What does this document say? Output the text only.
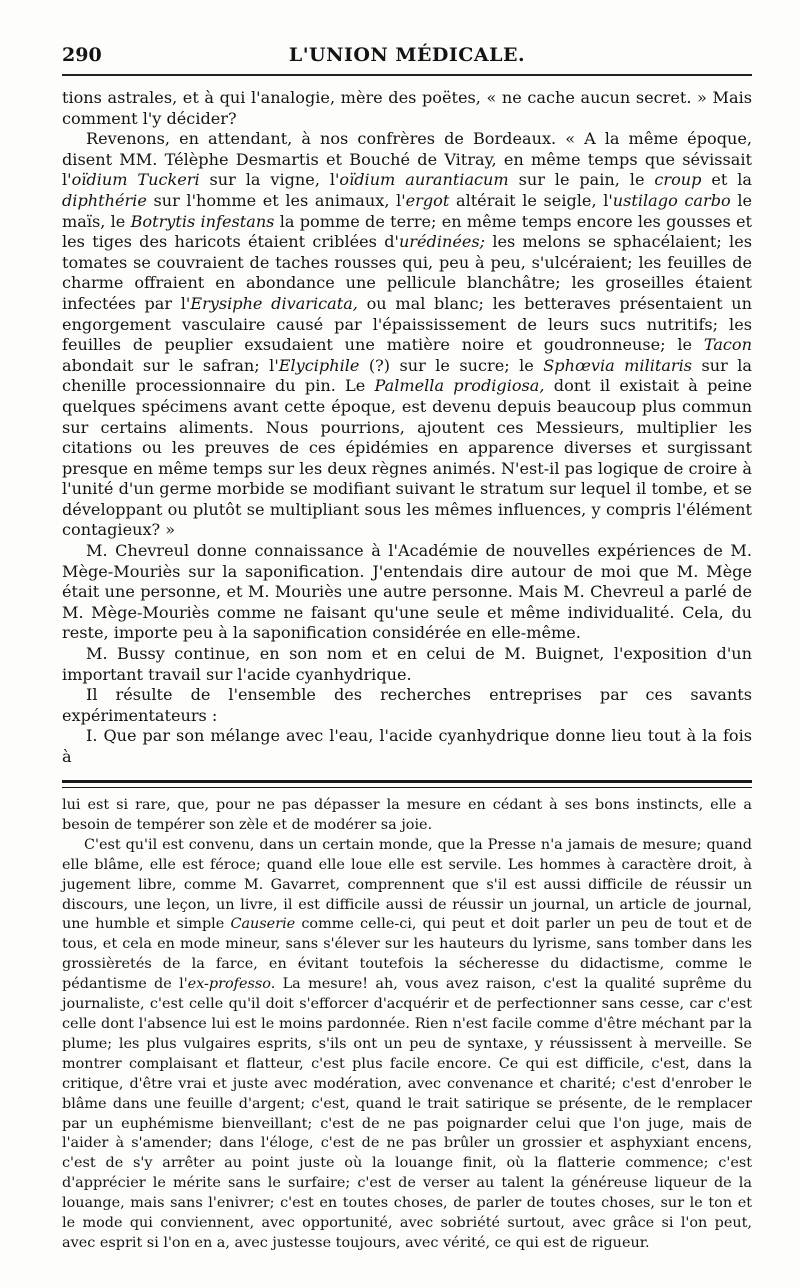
290	L'UNION MÉDICALE.

tions astrales, et à qui l'analogie, mère des poëtes, « ne cache aucun secret. » Mais comment l'y décider?

Revenons, en attendant, à nos confrères de Bordeaux. « A la même époque, disent MM. Télèphe Desmartis et Bouché de Vitray, en même temps que sévissait l'oïdium Tuckeri sur la vigne, l'oïdium aurantiacum sur le pain, le croup et la diphthérie sur l'homme et les animaux, l'ergot altérait le seigle, l'ustilago carbo le maïs, le Botrytis infestans la pomme de terre; en même temps encore les gousses et les tiges des haricots étaient criblées d'urédinées; les melons se sphacélaient; les tomates se couvraient de taches rousses qui, peu à peu, s'ulcéraient; les feuilles de charme offraient en abondance une pellicule blanchâtre; les groseilles étaient infectées par l'Erysiphe divaricata, ou mal blanc; les betteraves présentaient un engorgement vasculaire causé par l'épaississement de leurs sucs nutritifs; les feuilles de peuplier exsudaient une matière noire et goudronneuse; le Tacon abondait sur le safran; l'Elyciphile (?) sur le sucre; le Sphœvia militaris sur la chenille processionnaire du pin. Le Palmella prodigiosa, dont il existait à peine quelques spécimens avant cette époque, est devenu depuis beaucoup plus commun sur certains aliments. Nous pourrions, ajoutent ces Messieurs, multiplier les citations ou les preuves de ces épidémies en apparence diverses et surgissant presque en même temps sur les deux règnes animés. N'est-il pas logique de croire à l'unité d'un germe morbide se modifiant suivant le stratum sur lequel il tombe, et se développant ou plutôt se multipliant sous les mêmes influences, y compris l'élément contagieux? »

M. Chevreul donne connaissance à l'Académie de nouvelles expériences de M. Mège-Mouriès sur la saponification. J'entendais dire autour de moi que M. Mège était une personne, et M. Mouriès une autre personne. Mais M. Chevreul a parlé de M. Mège-Mouriès comme ne faisant qu'une seule et même individualité. Cela, du reste, importe peu à la saponification considérée en elle-même.

M. Bussy continue, en son nom et en celui de M. Buignet, l'exposition d'un important travail sur l'acide cyanhydrique.

Il résulte de l'ensemble des recherches entreprises par ces savants expérimentateurs :

I. Que par son mélange avec l'eau, l'acide cyanhydrique donne lieu tout à la fois à

lui est si rare, que, pour ne pas dépasser la mesure en cédant à ses bons instincts, elle a besoin de tempérer son zèle et de modérer sa joie.

C'est qu'il est convenu, dans un certain monde, que la Presse n'a jamais de mesure; quand elle blâme, elle est féroce; quand elle loue elle est servile. Les hommes à caractère droit, à jugement libre, comme M. Gavarret, comprennent que s'il est aussi difficile de réussir un discours, une leçon, un livre, il est difficile aussi de réussir un journal, un article de journal, une humble et simple Causerie comme celle-ci, qui peut et doit parler un peu de tout et de tous, et cela en mode mineur, sans s'élever sur les hauteurs du lyrisme, sans tomber dans les grossièretés de la farce, en évitant toutefois la sécheresse du didactisme, comme le pédantisme de l'ex-professo. La mesure! ah, vous avez raison, c'est la qualité suprême du journaliste, c'est celle qu'il doit s'efforcer d'acquérir et de perfectionner sans cesse, car c'est celle dont l'absence lui est le moins pardonnée. Rien n'est facile comme d'être méchant par la plume; les plus vulgaires esprits, s'ils ont un peu de syntaxe, y réussissent à merveille. Se montrer complaisant et flatteur, c'est plus facile encore. Ce qui est difficile, c'est, dans la critique, d'être vrai et juste avec modération, avec convenance et charité; c'est d'enrober le blâme dans une feuille d'argent; c'est, quand le trait satirique se présente, de le remplacer par un euphémisme bienveillant; c'est de ne pas poignarder celui que l'on juge, mais de l'aider à s'amender; dans l'éloge, c'est de ne pas brûler un grossier et asphyxiant encens, c'est de s'y arrêter au point juste où la louange finit, où la flatterie commence; c'est d'apprécier le mérite sans le surfaire; c'est de verser au talent la généreuse liqueur de la louange, mais sans l'enivrer; c'est en toutes choses, de parler de toutes choses, sur le ton et le mode qui conviennent, avec opportunité, avec sobriété surtout, avec grâce si l'on peut, avec esprit si l'on en a, avec justesse toujours, avec vérité, ce qui est de rigueur.
